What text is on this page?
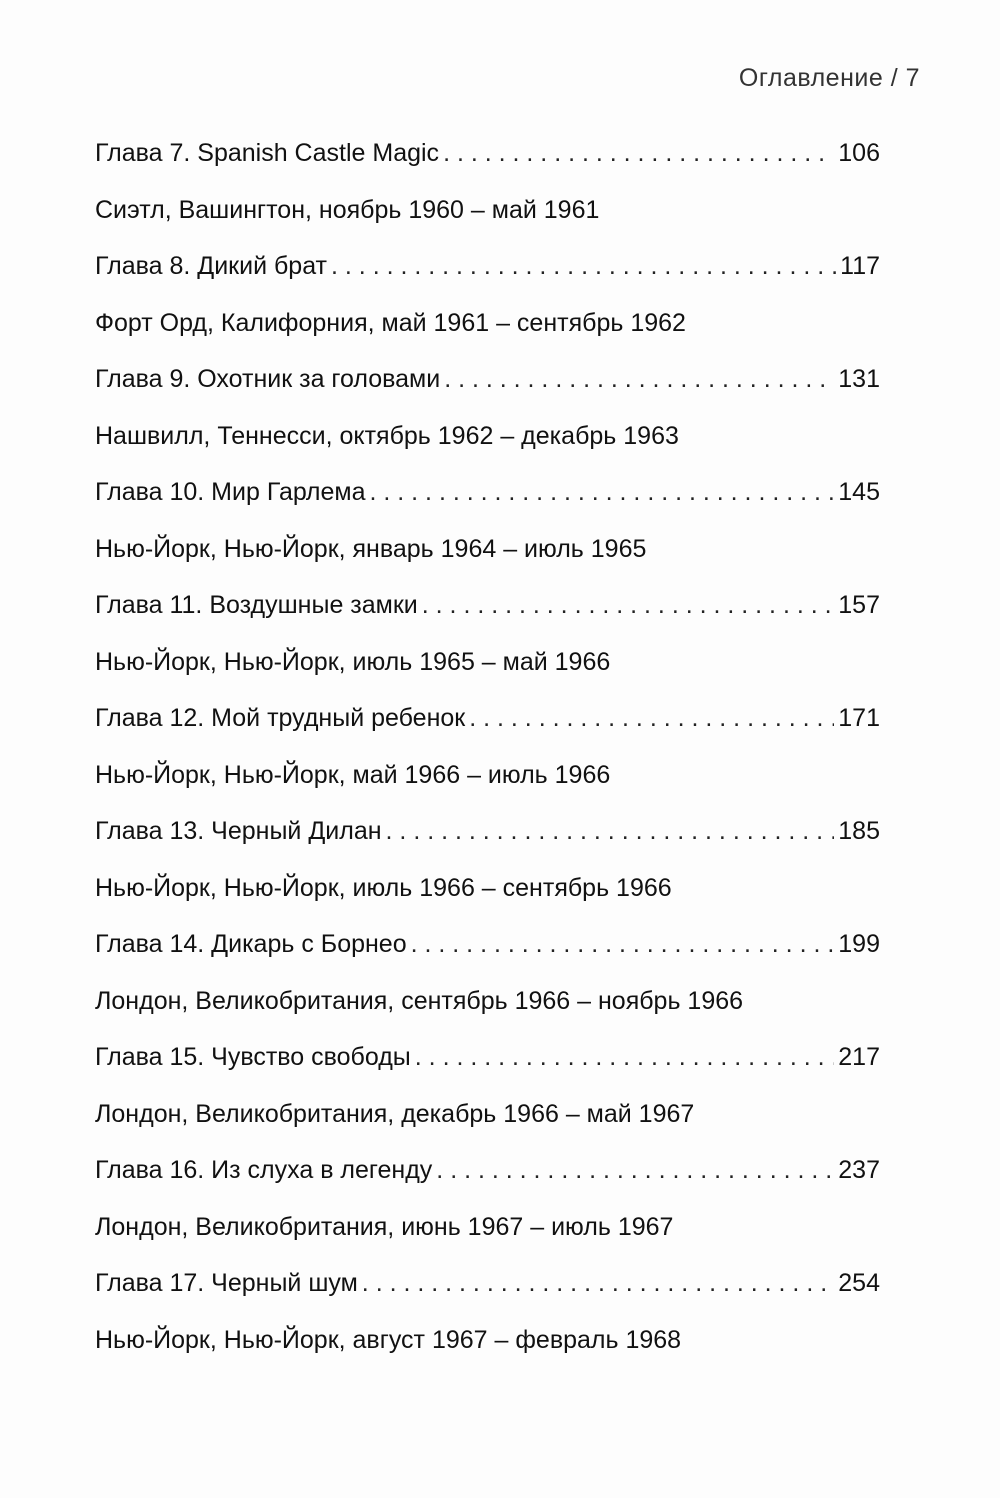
Оглавление / 7
Глава 7. Spanish Castle Magic . . .	106
Сиэтл, Вашингтон, ноябрь 1960 – май 1961
Глава 8. Дикий брат . . .	117
Форт Орд, Калифорния, май 1961 – сентябрь 1962
Глава 9. Охотник за головами . . .	131
Нашвилл, Теннесси, октябрь 1962 – декабрь 1963
Глава 10. Мир Гарлема . . .	145
Нью-Йорк, Нью-Йорк, январь 1964 – июль 1965
Глава 11. Воздушные замки . . .	157
Нью-Йорк, Нью-Йорк, июль 1965 – май 1966
Глава 12. Мой трудный ребенок . . .	171
Нью-Йорк, Нью-Йорк, май 1966 – июль 1966
Глава 13. Черный Дилан . . .	185
Нью-Йорк, Нью-Йорк, июль 1966 – сентябрь 1966
Глава 14. Дикарь с Борнео . . .	199
Лондон, Великобритания, сентябрь 1966 – ноябрь 1966
Глава 15. Чувство свободы . . .	217
Лондон, Великобритания, декабрь 1966 – май 1967
Глава 16. Из слуха в легенду . . .	237
Лондон, Великобритания, июнь 1967 – июль 1967
Глава 17. Черный шум . . .	254
Нью-Йорк, Нью-Йорк, август 1967 – февраль 1968
